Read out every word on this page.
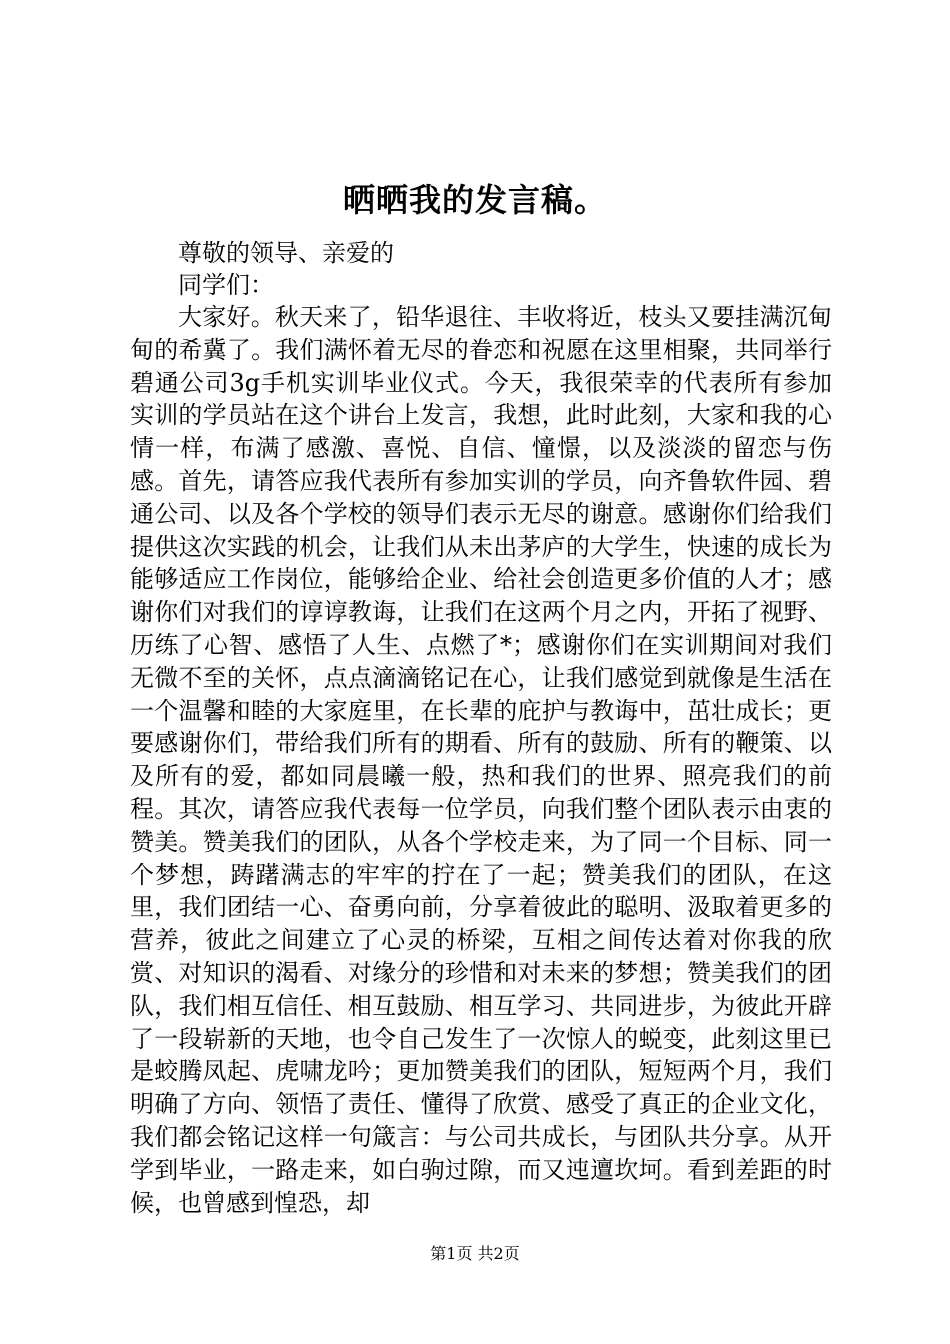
晒晒我的发言稿。
尊敬的领导、亲爱的
同学们：

大家好。秋天来了，铅华退往、丰收将近，枝头又要挂满沉甸甸的希冀了。我们满怀着无尽的眷恋和祝愿在这里相聚，共同举行碧通公司3g手机实训毕业仪式。今天，我很荣幸的代表所有参加实训的学员站在这个讲台上发言，我想，此时此刻，大家和我的心情一样，布满了感激、喜悦、自信、憧憬，以及淡淡的留恋与伤感。首先，请答应我代表所有参加实训的学员，向齐鲁软件园、碧通公司、以及各个学校的领导们表示无尽的谢意。感谢你们给我们提供这次实践的机会，让我们从未出茅庐的大学生，快速的成长为能够适应工作岗位，能够给企业、给社会创造更多价值的人才；感谢你们对我们的谆谆教诲，让我们在这两个月之内，开拓了视野、历练了心智、感悟了人生、点燃了*；感谢你们在实训期间对我们无微不至的关怀，点点滴滴铭记在心，让我们感觉到就像是生活在一个温馨和睦的大家庭里，在长辈的庇护与教诲中，茁壮成长；更要感谢你们，带给我们所有的期看、所有的鼓励、所有的鞭策、以及所有的爱，都如同晨曦一般，热和我们的世界、照亮我们的前程。其次，请答应我代表每一位学员，向我们整个团队表示由衷的赞美。赞美我们的团队，从各个学校走来，为了同一个目标、同一个梦想，踌躇满志的牢牢的拧在了一起；赞美我们的团队，在这里，我们团结一心、奋勇向前，分享着彼此的聪明、汲取着更多的营养，彼此之间建立了心灵的桥梁，互相之间传达着对你我的欣赏、对知识的渴看、对缘分的珍惜和对未来的梦想；赞美我们的团队，我们相互信任、相互鼓励、相互学习、共同进步，为彼此开辟了一段崭新的天地，也令自己发生了一次惊人的蜕变，此刻这里已是蛟腾凤起、虎啸龙吟；更加赞美我们的团队，短短两个月，我们明确了方向、领悟了责任、懂得了欣赏、感受了真正的企业文化，我们都会铭记这样一句箴言：与公司共成长，与团队共分享。从开学到毕业，一路走来，如白驹过隙，而又迍邅坎坷。看到差距的时候，也曾感到惶恐，却

第1页 共2页
